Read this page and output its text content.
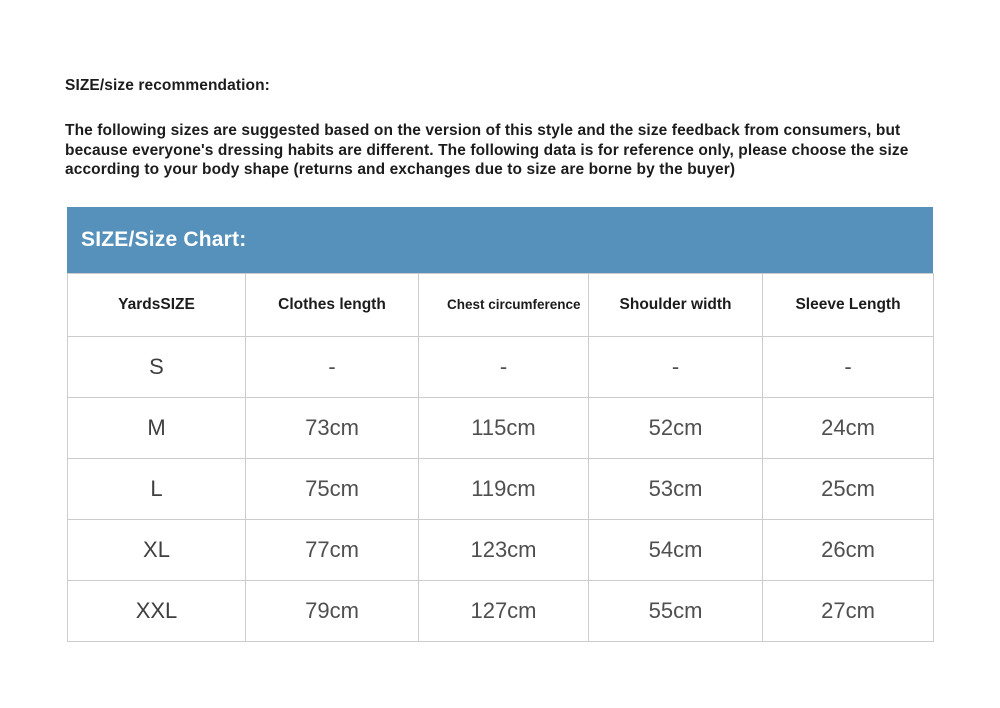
SIZE/size recommendation:
The following sizes are suggested based on the version of this style and the size feedback from consumers, but because everyone's dressing habits are different. The following data is for reference only, please choose the size according to your body shape (returns and exchanges due to size are borne by the buyer)
SIZE/Size Chart:
YardsSIZE	Clothes length	Chest circumference	Shoulder width	Sleeve Length
S	-	-	-	-
M	73cm	115cm	52cm	24cm
L	75cm	119cm	53cm	25cm
XL	77cm	123cm	54cm	26cm
XXL	79cm	127cm	55cm	27cm
